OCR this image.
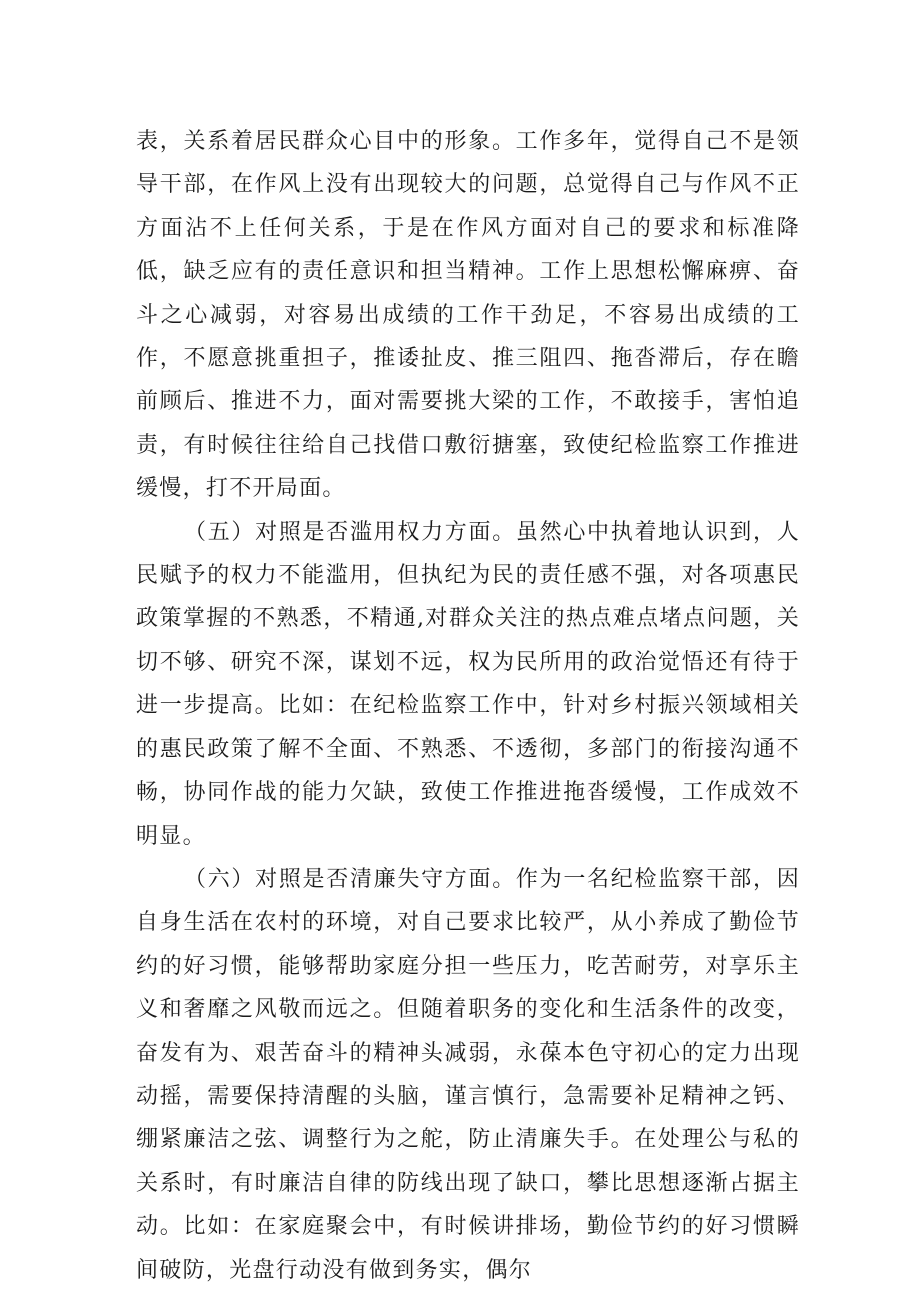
表，关系着居民群众心目中的形象。工作多年，觉得自己不是领导干部，在作风上没有出现较大的问题，总觉得自己与作风不正方面沾不上任何关系，于是在作风方面对自己的要求和标准降低，缺乏应有的责任意识和担当精神。工作上思想松懈麻痹、奋斗之心减弱，对容易出成绩的工作干劲足，不容易出成绩的工作，不愿意挑重担子，推诿扯皮、推三阻四、拖沓滞后，存在瞻前顾后、推进不力，面对需要挑大梁的工作，不敢接手，害怕追责，有时候往往给自己找借口敷衍搪塞，致使纪检监察工作推进缓慢，打不开局面。

（五）对照是否滥用权力方面。虽然心中执着地认识到，人民赋予的权力不能滥用，但执纪为民的责任感不强，对各项惠民政策掌握的不熟悉，不精通,对群众关注的热点难点堵点问题，关切不够、研究不深，谋划不远，权为民所用的政治觉悟还有待于进一步提高。比如：在纪检监察工作中，针对乡村振兴领域相关的惠民政策了解不全面、不熟悉、不透彻，多部门的衔接沟通不畅，协同作战的能力欠缺，致使工作推进拖沓缓慢，工作成效不明显。

（六）对照是否清廉失守方面。作为一名纪检监察干部，因自身生活在农村的环境，对自己要求比较严，从小养成了勤俭节约的好习惯，能够帮助家庭分担一些压力，吃苦耐劳，对享乐主义和奢靡之风敬而远之。但随着职务的变化和生活条件的改变，奋发有为、艰苦奋斗的精神头减弱，永葆本色守初心的定力出现动摇，需要保持清醒的头脑，谨言慎行，急需要补足精神之钙、绷紧廉洁之弦、调整行为之舵，防止清廉失手。在处理公与私的关系时，有时廉洁自律的防线出现了缺口，攀比思想逐渐占据主动。比如：在家庭聚会中，有时候讲排场，勤俭节约的好习惯瞬间破防，光盘行动没有做到务实，偶尔
